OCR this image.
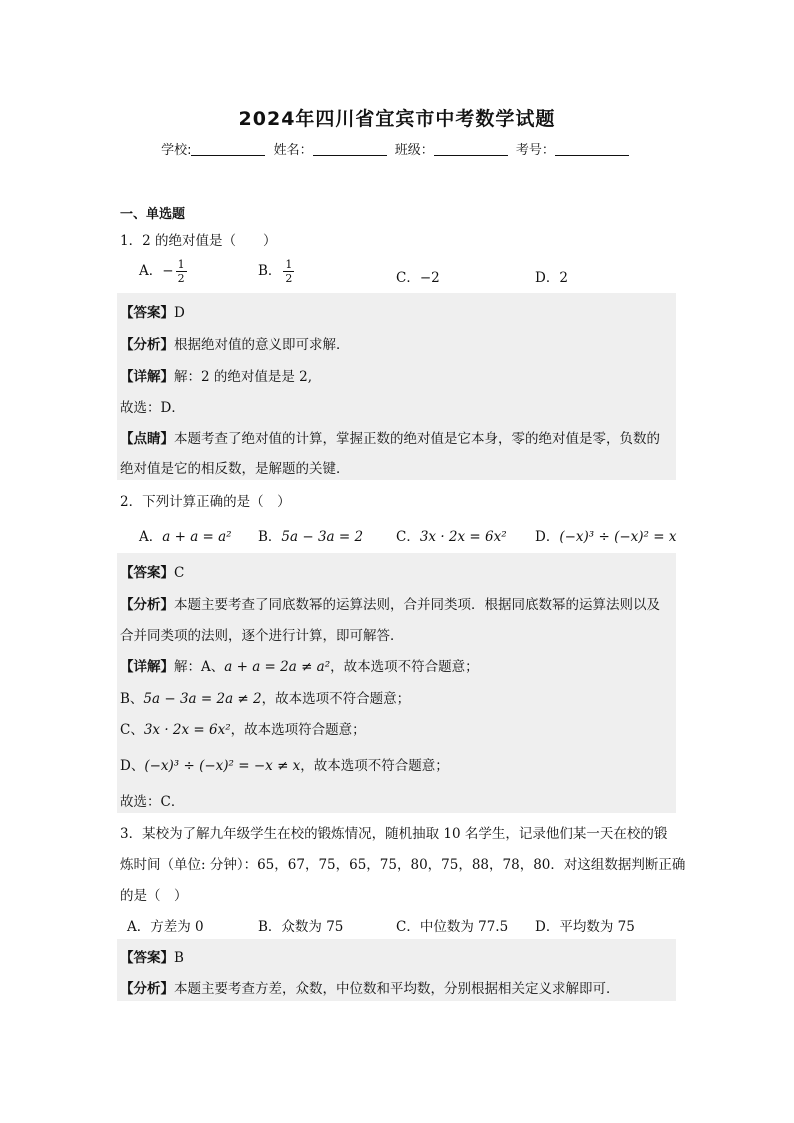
2024年四川省宜宾市中考数学试题
学校:	姓名：	班级：	考号：
一、单选题
1．2 的绝对值是（　　）
A．− $\frac{1}{2}$	B． $\frac{1}{2}$	C．−2	D．2
【答案】D
【分析】根据绝对值的意义即可求解．
【详解】解：2 的绝对值是是 2,
故选：D．
【点睛】本题考查了绝对值的计算，掌握正数的绝对值是它本身，零的绝对值是零，负数的
绝对值是它的相反数，是解题的关键．
2．下列计算正确的是（　）
A．a + a = a² B．5a − 3a = 2 C．3x · 2x = 6x² D．(−x)³ ÷ (−x)² = x
【答案】C
【分析】本题主要考查了同底数幂的运算法则，合并同类项．根据同底数幂的运算法则以及
合并同类项的法则，逐个进行计算，即可解答．
【详解】解：A、a + a = 2a ≠ a²，故本选项不符合题意；
B、5a − 3a = 2a ≠ 2，故本选项不符合题意；
C、3x · 2x = 6x²，故本选项符合题意；
D、(−x)³ ÷ (−x)² = −x ≠ x，故本选项不符合题意；
故选：C．
3．某校为了解九年级学生在校的锻炼情况，随机抽取 10 名学生，记录他们某一天在校的锻
炼时间（单位: 分钟）：65，67，75，65，75，80，75，88，78，80．对这组数据判断正确
的是（　）
A．方差为 0	B．众数为 75	C．中位数为 77.5 D．平均数为 75
【答案】B
【分析】本题主要考查方差，众数，中位数和平均数，分别根据相关定义求解即可．
